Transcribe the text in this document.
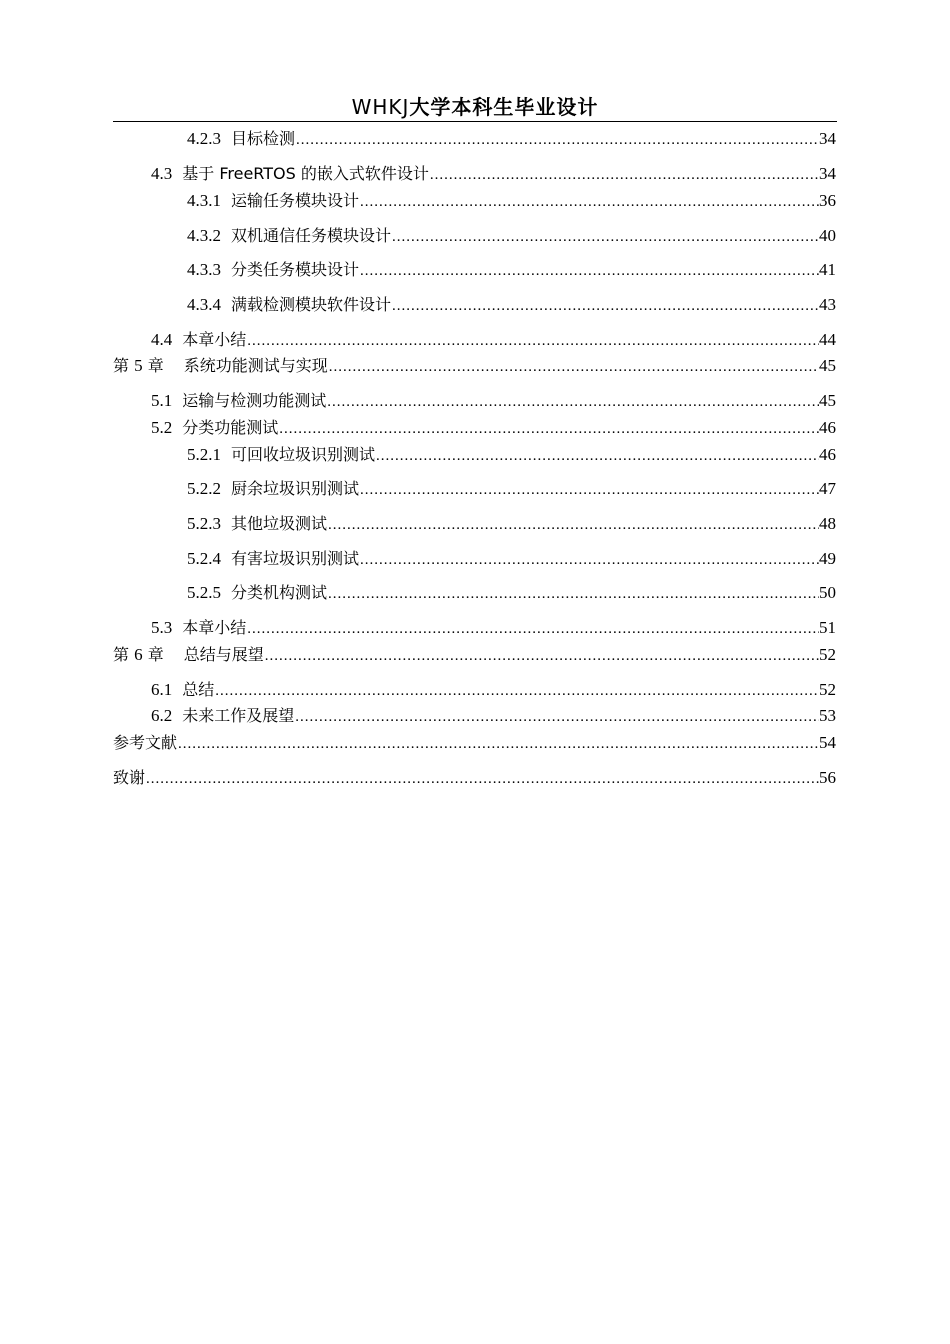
WHKJ大学本科生毕业设计
4.2.3 目标检测 .....	34
4.3 基于 FreeRTOS 的嵌入式软件设计 .....	34
4.3.1 运输任务模块设计 .....	36
4.3.2 双机通信任务模块设计 .....	40
4.3.3 分类任务模块设计 .....	41
4.3.4 满载检测模块软件设计 .....	43
4.4 本章小结 .....	44
第 5 章 系统功能测试与实现 .....	45
5.1 运输与检测功能测试 .....	45
5.2 分类功能测试 .....	46
5.2.1 可回收垃圾识别测试 .....	46
5.2.2 厨余垃圾识别测试 .....	47
5.2.3 其他垃圾测试 .....	48
5.2.4 有害垃圾识别测试 .....	49
5.2.5 分类机构测试 .....	50
5.3 本章小结 .....	51
第 6 章 总结与展望 .....	52
6.1 总结 .....	52
6.2 未来工作及展望 .....	53
参考文献 .....	54
致谢 .....	56
